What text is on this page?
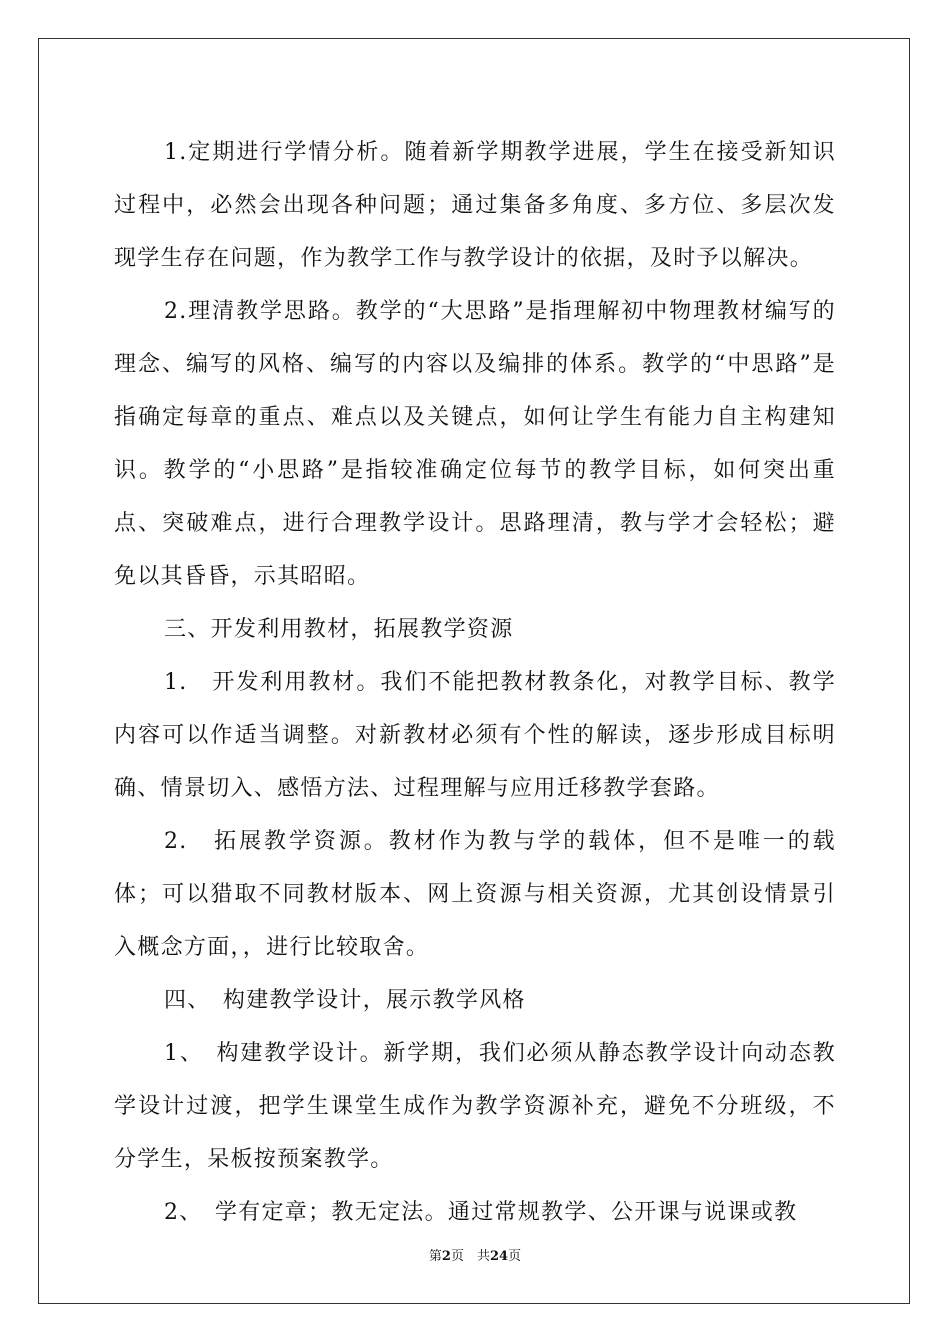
1.定期进行学情分析。随着新学期教学进展，学生在接受新知识过程中，必然会出现各种问题；通过集备多角度、多方位、多层次发现学生存在问题，作为教学工作与教学设计的依据，及时予以解决。

2.理清教学思路。教学的“大思路”是指理解初中物理教材编写的理念、编写的风格、编写的内容以及编排的体系。教学的“中思路”是指确定每章的重点、难点以及关键点，如何让学生有能力自主构建知识。教学的“小思路”是指较准确定位每节的教学目标，如何突出重点、突破难点，进行合理教学设计。思路理清，教与学才会轻松；避免以其昏昏，示其昭昭。

三、开发利用教材，拓展教学资源

1.　开发利用教材。我们不能把教材教条化，对教学目标、教学内容可以作适当调整。对新教材必须有个性的解读，逐步形成目标明确、情景切入、感悟方法、过程理解与应用迁移教学套路。

2.　拓展教学资源。教材作为教与学的载体，但不是唯一的载体；可以猎取不同教材版本、网上资源与相关资源，尤其创设情景引入概念方面，，进行比较取舍。

四、　构建教学设计，展示教学风格

1、　构建教学设计。新学期，我们必须从静态教学设计向动态教学设计过渡，把学生课堂生成作为教学资源补充，避免不分班级，不分学生，呆板按预案教学。

2、　学有定章；教无定法。通过常规教学、公开课与说课或教

第2页　共24页
